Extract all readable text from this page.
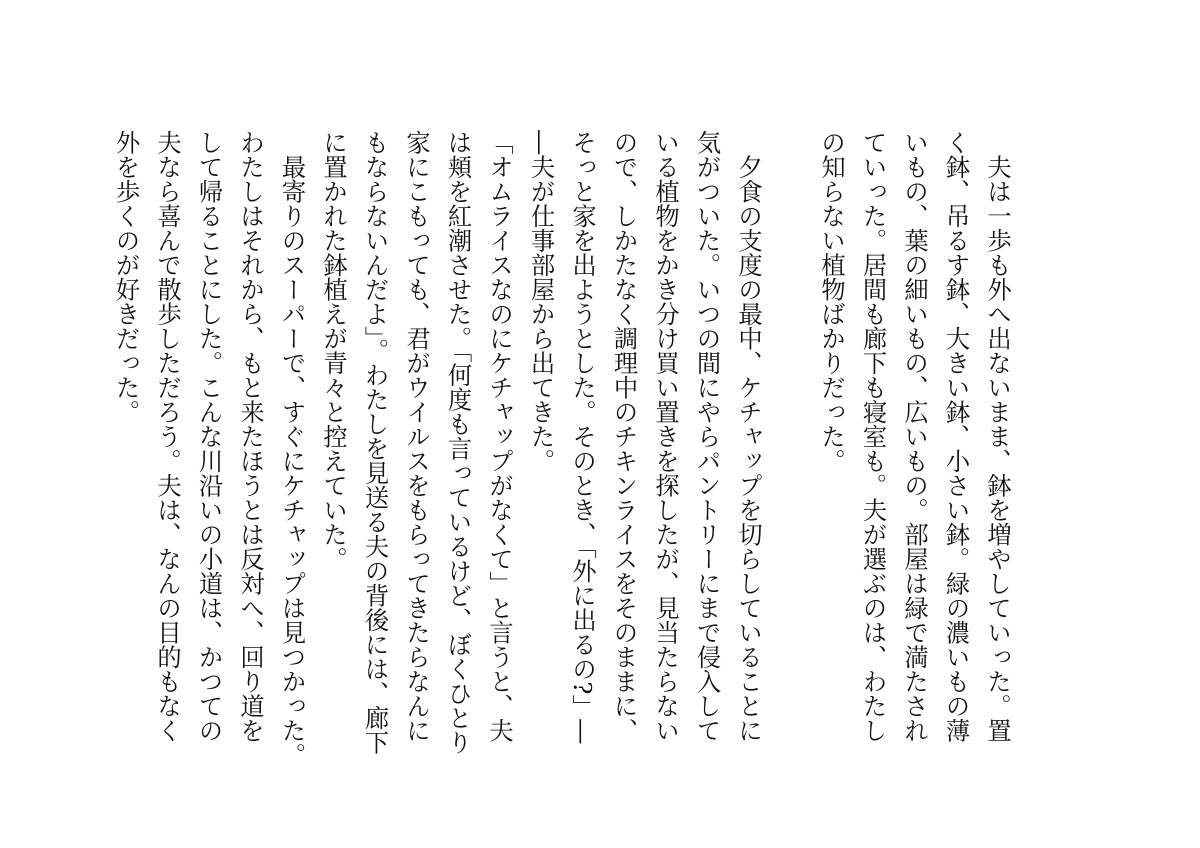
　夫は一歩も外へ出ないまま、鉢を増やしていった。置
く鉢、吊るす鉢、大きい鉢、小さい鉢。緑の濃いもの薄
いもの、葉の細いもの、広いもの。部屋は緑で満たされ
ていった。居間も廊下も寝室も。夫が選ぶのは、わたし
の知らない植物ばかりだった。

　夕食の支度の最中、ケチャップを切らしていることに
気がついた。いつの間にやらパントリーにまで侵入して
いる植物をかき分け買い置きを探したが、見当たらない
ので、しかたなく調理中のチキンライスをそのままに、
そっと家を出ようとした。そのとき、「外に出るの?」―
―夫が仕事部屋から出てきた。
「オムライスなのにケチャップがなくて」と言うと、夫
は頬を紅潮させた。「何度も言っているけど、ぼくひとり
家にこもっても、君がウイルスをもらってきたらなんに
もならないんだよ」。わたしを見送る夫の背後には、廊下
に置かれた鉢植えが青々と控えていた。
　最寄りのスーパーで、すぐにケチャップは見つかった。
わたしはそれから、もと来たほうとは反対へ、回り道を
して帰ることにした。こんな川沿いの小道は、かつての
夫なら喜んで散歩しただろう。夫は、なんの目的もなく
外を歩くのが好きだった。
